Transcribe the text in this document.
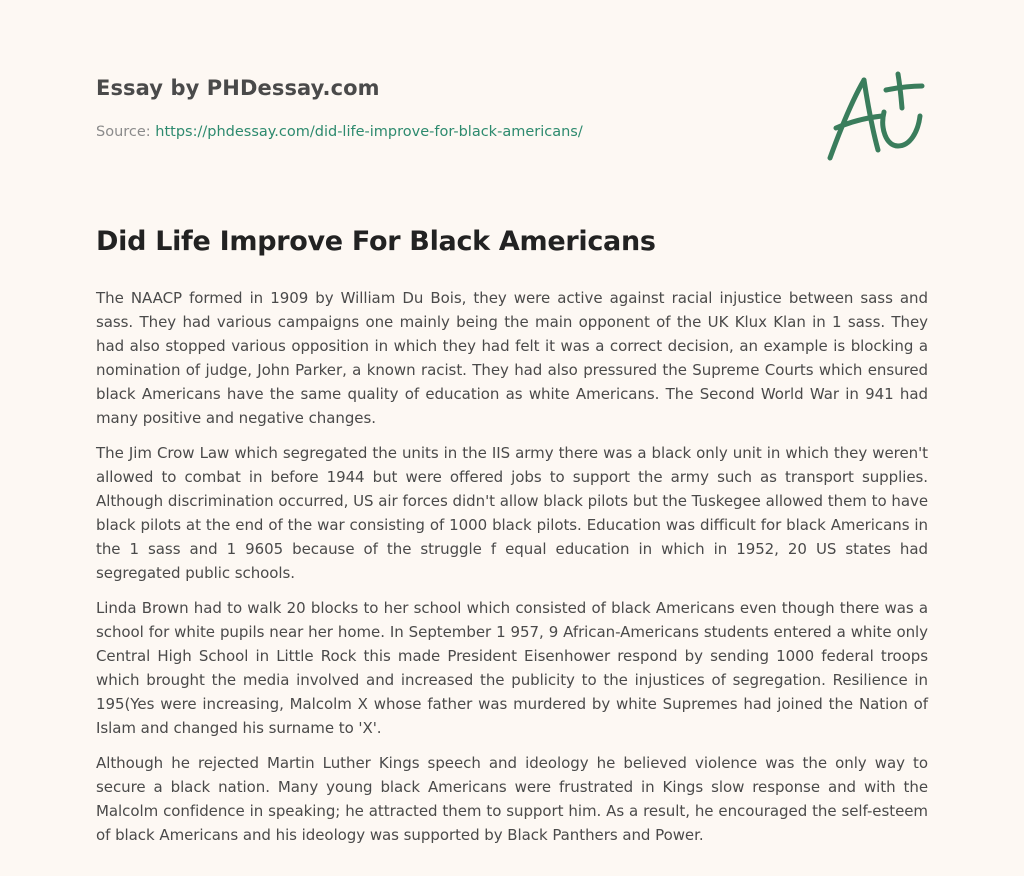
Essay by PHDessay.com

Source: https://phdessay.com/did-life-improve-for-black-americans/

Did Life Improve For Black Americans

The NAACP formed in 1909 by William Du Bois, they were active against racial injustice between sass and sass. They had various campaigns one mainly being the main opponent of the UK Klux Klan in 1 sass. They had also stopped various opposition in which they had felt it was a correct decision, an example is blocking a nomination of judge, John Parker, a known racist. They had also pressured the Supreme Courts which ensured black Americans have the same quality of education as white Americans. The Second World War in 941 had many positive and negative changes.

The Jim Crow Law which segregated the units in the IIS army there was a black only unit in which they weren't allowed to combat in before 1944 but were offered jobs to support the army such as transport supplies. Although discrimination occurred, US air forces didn't allow black pilots but the Tuskegee allowed them to have black pilots at the end of the war consisting of 1000 black pilots. Education was difficult for black Americans in the 1 sass and 1 9605 because of the struggle f equal education in which in 1952, 20 US states had segregated public schools.

Linda Brown had to walk 20 blocks to her school which consisted of black Americans even though there was a school for white pupils near her home. In September 1 957, 9 African-Americans students entered a white only Central High School in Little Rock this made President Eisenhower respond by sending 1000 federal troops which brought the media involved and increased the publicity to the injustices of segregation. Resilience in 195(Yes were increasing, Malcolm X whose father was murdered by white Supremes had joined the Nation of Islam and changed his surname to 'X'.

Although he rejected Martin Luther Kings speech and ideology he believed violence was the only way to secure a black nation. Many young black Americans were frustrated in Kings slow response and with the Malcolm confidence in speaking; he attracted them to support him. As a result, he encouraged the self-esteem of black Americans and his ideology was supported by Black Panthers and Power.
